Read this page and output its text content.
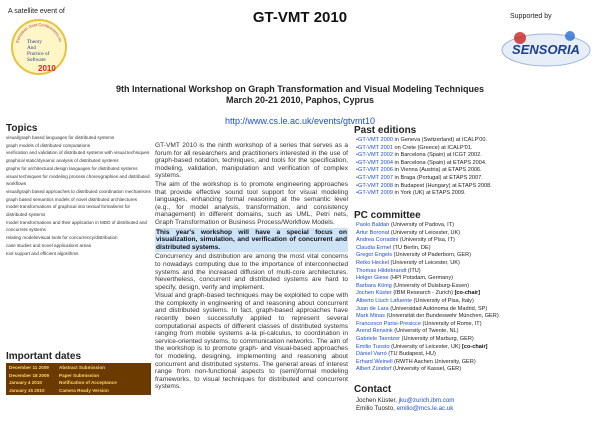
A satellite event of
European Joint Conferences on
Theory
And
Practice of
Software
2010
GT-VMT 2010	Supported by
SENSORIA
9th International Workshop on Graph Transformation and Visual Modeling Techniques
March 20-21 2010, Paphos, Cyprus
http://www.cs.le.ac.uk/events/gtvmt10
Topics
visual/graph based languages for distributed systems
graph models of distributed computations
verification and validation of distributed systems with visual techniques
graphical static/dynamic analysis of distributed systems
graphs for architectural design languages for distributed systems
visual techniques for modeling process choreographies and distributed workflows
visual/graph based approaches to distributed coordination mechanisms
graph based semantics models of novel distributed architectures
model transformations of graphical into textual formalisms for distributed systems
model transformations and their application in MDD of distributed and concurrent systems
relating models/visual tools for concurrency/distribution
case studies and novel applications areas
tool support and efficient algorithms
Important dates
December 11 2009	Abstract Submission
December 18 2009	Paper Submission
January 4 2010	Notification of Acceptance
January 15 2010	Camera Ready Version

GT-VMT 2010 is the ninth workshop of a series that serves as a forum for all researchers and practitioners interested in the use of graph-based notation, techniques, and tools for the specification, modeling, validation, manipulation and verification of complex systems.

The aim of the workshop is to promote engineering approaches that provide effective sound tool support for visual modeling languages, enhancing formal reasoning at the semantic level (e.g., for model analysis, transformation, and consistency management) in different domains, such as UML, Petri nets, Graph Transformation or Business Process/Workflow Models.

This year's workshop will have a special focus on visualization, simulation, and verification of concurrent and distributed systems.

Concurrency and distribution are among the most vital concerns to nowadays computing due to the importance of interconnected systems and the increased diffusion of multi-core architectures. Nevertheless, concurrent and distributed systems are hard to specify, design, verify and implement.

Visual and graph-based techniques may be exploited to cope with the complexity in engineering of and reasoning about concurrent and distributed systems. In fact, graph-based approaches have recently been successfully applied to represent several computational aspects of different classes of distributed systems ranging from mobile systems a-la pi-calculus, to coordination in service-oriented systems, to communication networks. The aim of the workshop is to promote graph- and visual-based approaches for modeling, designing, implementing and reasoning about concurrent and distributed systems. The general areas of interest range from non-functional aspects to (semi)formal modeling frameworks, to visual techniques for distributed and concurrent systems.

Past editions
• GT-VMT 2000 in Geneva (Switzerland) at ICALP'00.
• GT-VMT 2001 on Crete (Greece) at ICALP'01.
• GT-VMT 2002 in Barcelona (Spain) at ICGT 2002.
• GT-VMT 2004 in Barcelona (Spain) at ETAPS 2004.
• GT-VMT 2006 in Vienna (Austria) at ETAPS 2006.
• GT-VMT 2007 in Braga (Portugal) at ETAPS 2007.
• GT-VMT 2008 in Budapest (Hungary) at ETAPS 2008.
• GT-VMT 2009 in York (UK) at ETAPS 2009.
PC committee
Paolo Baldan (University of Padova, IT)
Artur Boronat (University of Leicester, UK)
Andrea Corradini (University of Pisa, IT)
Claudia Ermel (TU Berlin, DE)
Gregor Engels (University of Paderborn, GER)
Reiko Heckel (University of Leicester, UK)
Thomas Hildebrandt (ITU)
Holger Giese (HPI Potsdam, Germany)
Barbara König (University of Duisburg-Essen)
Jochen Küster (IBM Research - Zurich) [co-chair]
Alberto Lluch Lafuente (University of Pisa, Italy)
Juan de Lara (Universidad Autónoma de Madrid, SP)
Mark Minas (Universität der Bundeswehr München, GER)
Francesco Parisi-Presicce (University of Rome, IT)
Arend Rensink (University of Twente, NL)
Gabriele Taentzer (University of Marburg, GER)
Emilio Tuosto (University of Leicester, UK) [co-chair]
Dániel Varró (TU Budapest, HU)
Erhard Weinell (RWTH Aachen University, GER)
Albert Zündorf (University of Kassel, GER)
Contact
Jochen Küster, jku@zurich.ibm.com
Emilio Tuosto, emilio@mcs.le.ac.uk
